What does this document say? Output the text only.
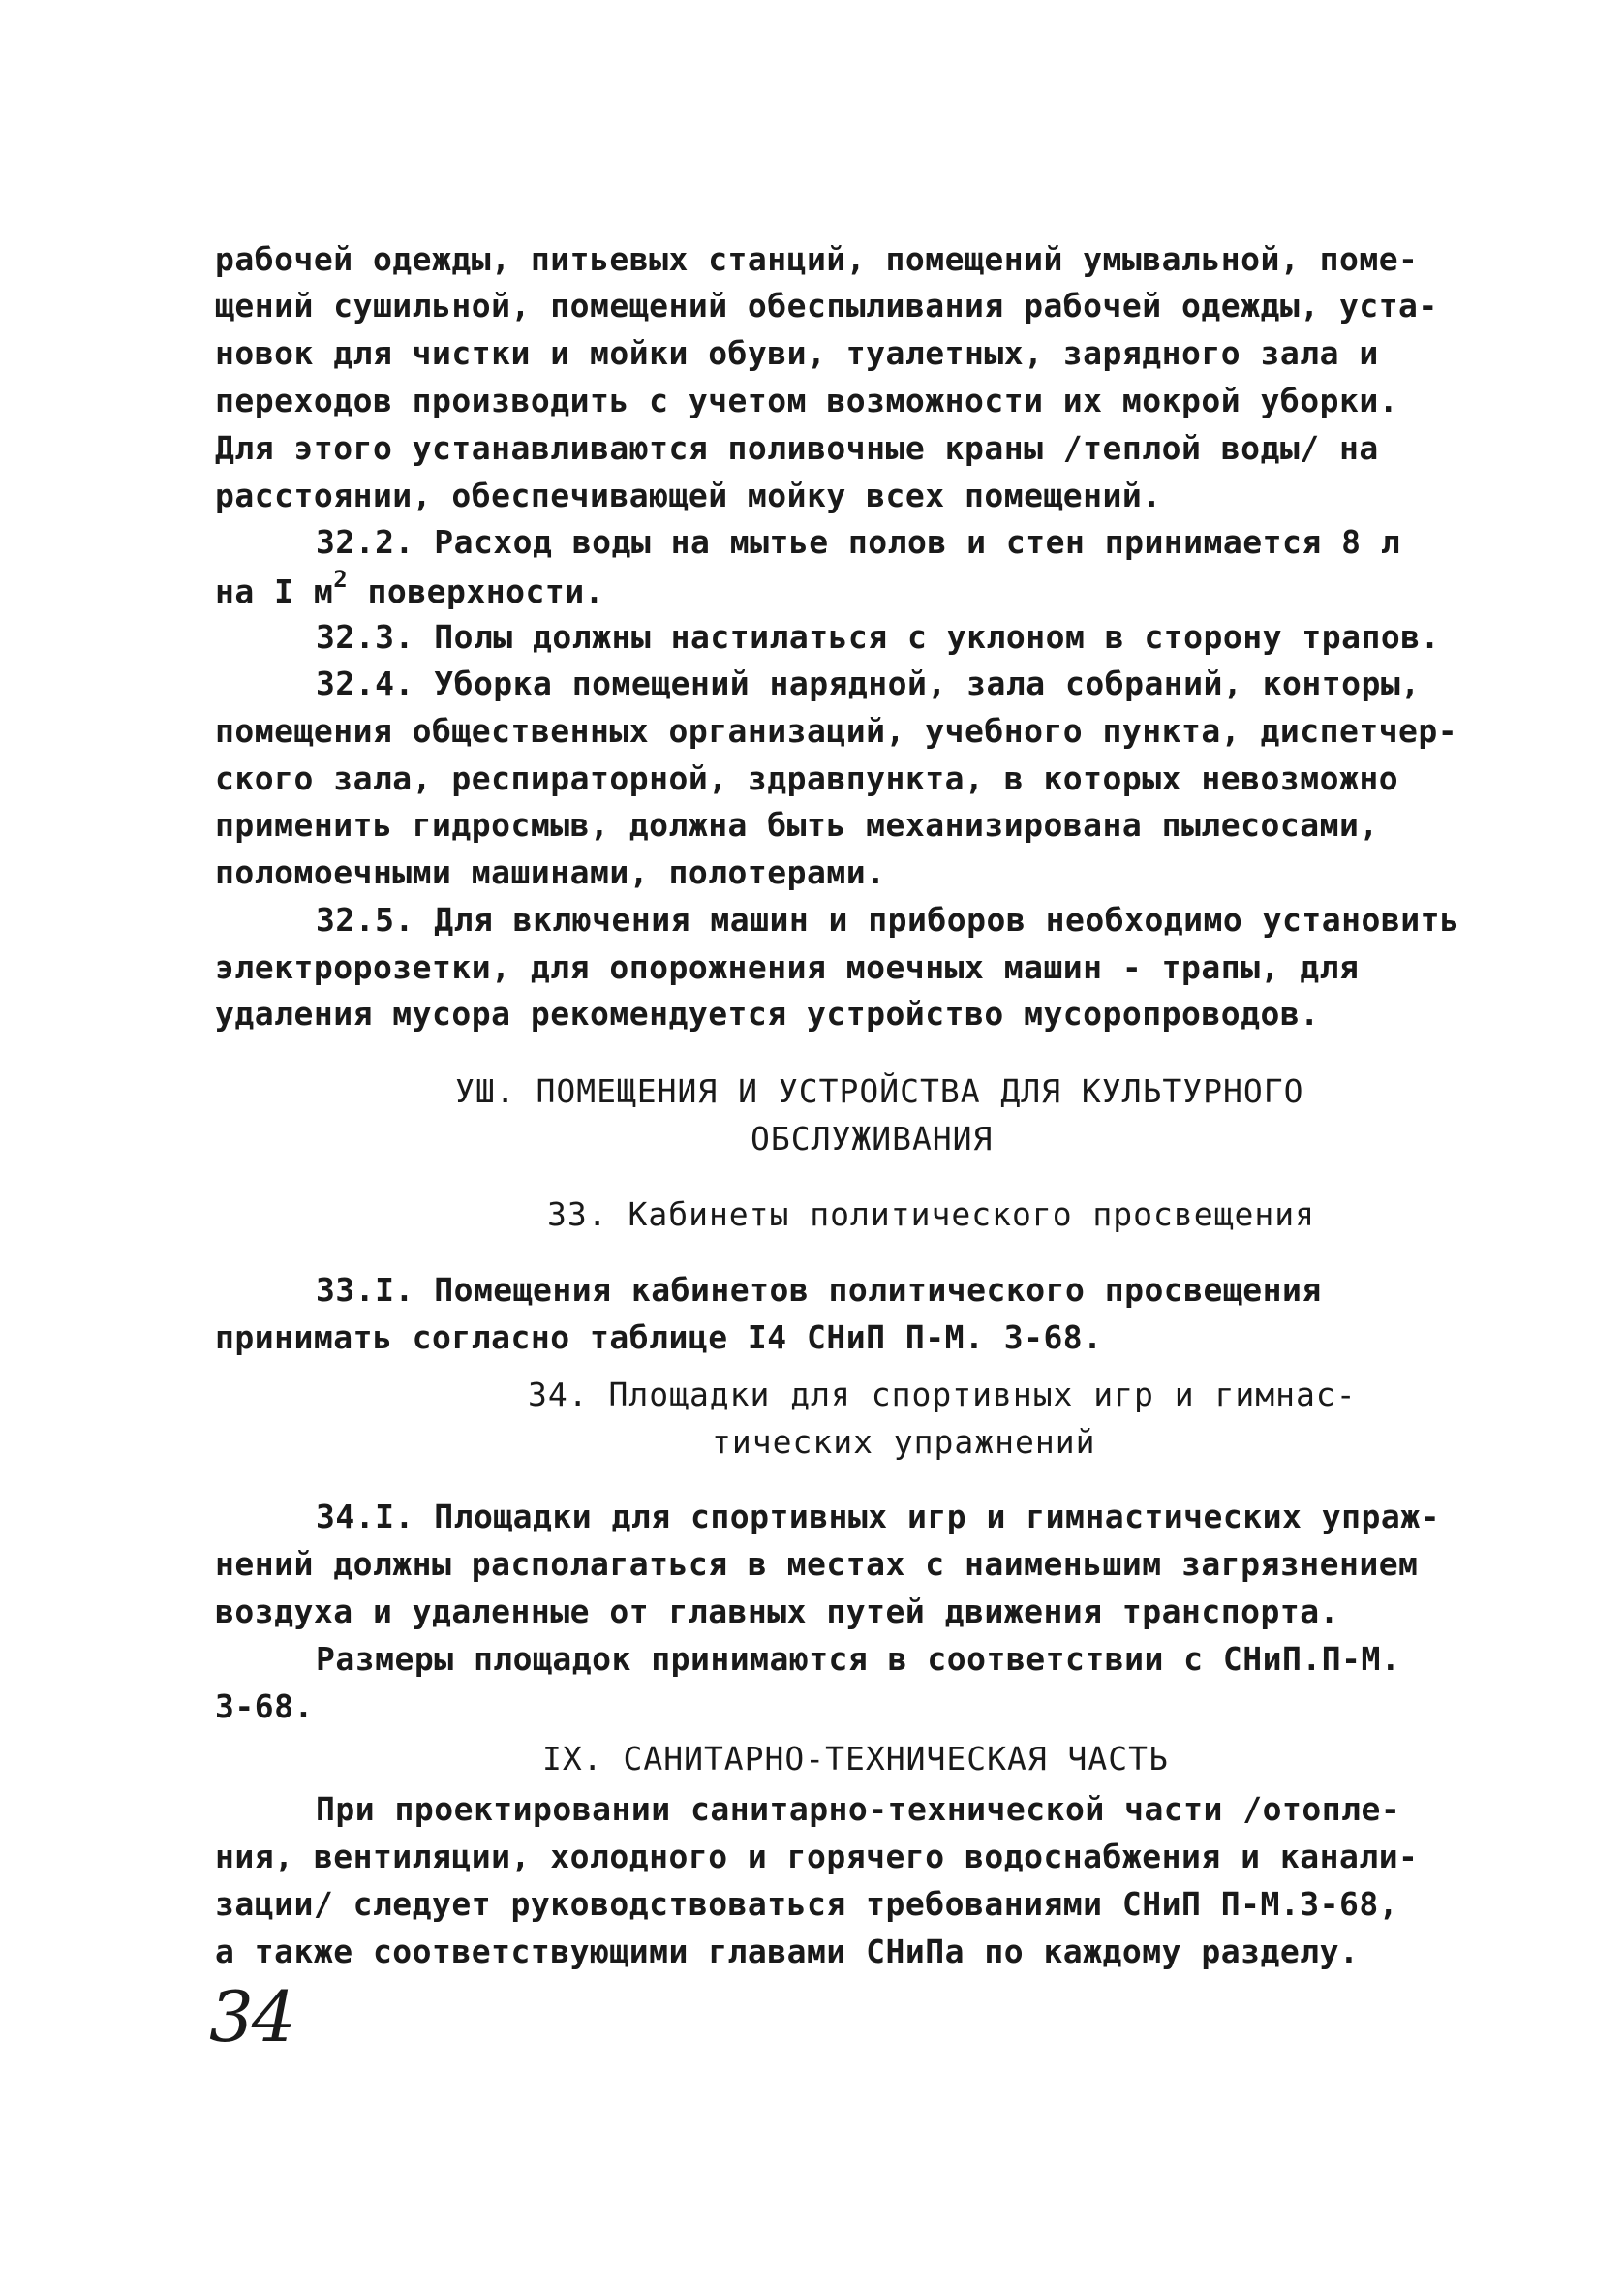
рабочей одежды, питьевых станций, помещений умывальной, поме-
щений сушильной, помещений обеспыливания рабочей одежды, уста-
новок для чистки и мойки обуви, туалетных, зарядного зала и
переходов производить с учетом возможности их мокрой уборки.
Для этого устанавливаются поливочные краны /теплой воды/ на
расстоянии, обеспечивающей мойку всех помещений.
32.2. Расход воды на мытье полов и стен принимается 8 л
на I $м^2$ поверхности.
32.3. Полы должны настилаться с уклоном в сторону трапов.
32.4. Уборка помещений нарядной, зала собраний, конторы,
помещения общественных организаций, учебного пункта, диспетчер-
ского зала, респираторной, здравпункта, в которых невозможно
применить гидросмыв, должна быть механизирована пылесосами,
поломоечными машинами, полотерами.
32.5. Для включения машин и приборов необходимо установить
электророзетки, для опорожнения моечных машин - трапы, для
удаления мусора рекомендуется устройство мусоропроводов.
УШ. ПОМЕЩЕНИЯ И УСТРОЙСТВА ДЛЯ КУЛЬТУРНОГО
ОБСЛУЖИВАНИЯ
33. Кабинеты политического просвещения
33.I. Помещения кабинетов политического просвещения
принимать согласно таблице I4 СНиП П-М. 3-68.
34. Площадки для спортивных игр и гимнас-
тических упражнений
34.I. Площадки для спортивных игр и гимнастических упраж-
нений должны располагаться в местах с наименьшим загрязнением
воздуха и удаленные от главных путей движения транспорта.
Размеры площадок принимаются в соответствии с СНиП.П-М.
3-68.
IX. САНИТАРНО-ТЕХНИЧЕСКАЯ ЧАСТЬ
При проектировании санитарно-технической части /отопле-
ния, вентиляции, холодного и горячего водоснабжения и канали-
зации/ следует руководствоваться требованиями СНиП П-М.3-68,
а также соответствующими главами СНиПа по каждому разделу.
34
